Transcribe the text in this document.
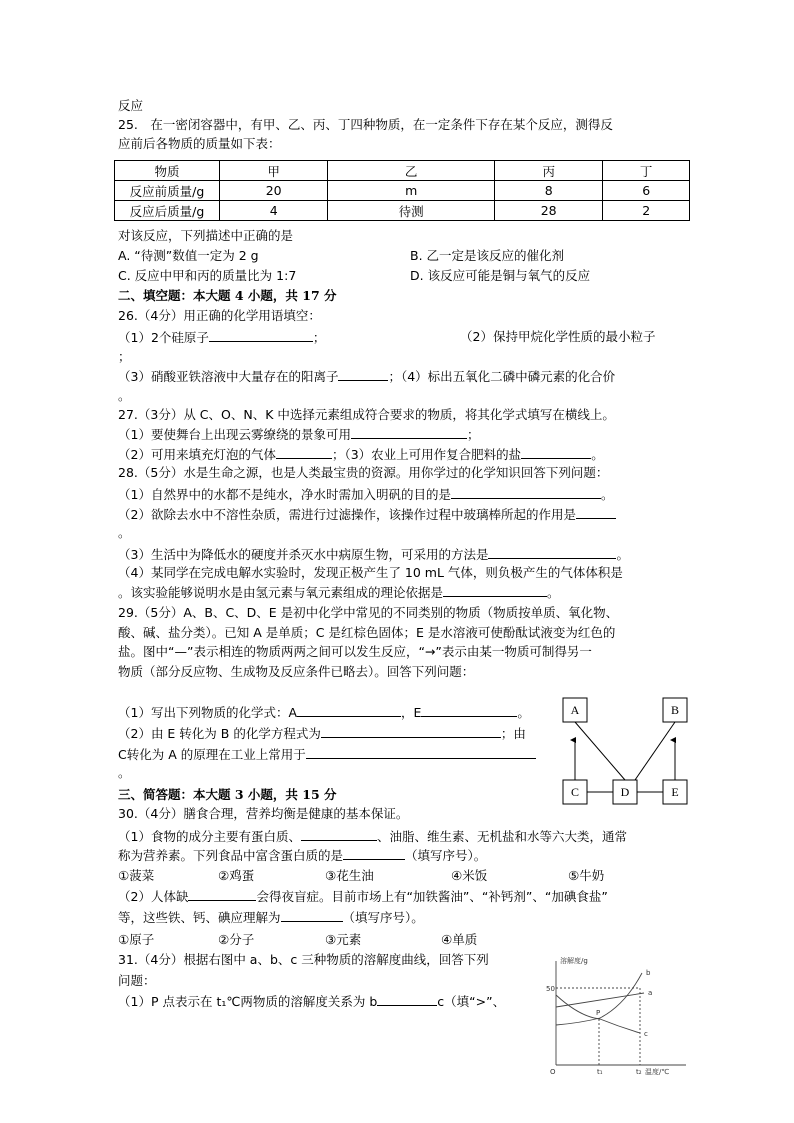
反应
25.　在一密闭容器中，有甲、乙、丙、丁四种物质，在一定条件下存在某个反应，测得反
应前后各物质的质量如下表：
物质	甲	乙	丙	丁
反应前质量/g	20	m	8	6
反应后质量/g	4	待测	28	2
对该反应，下列描述中正确的是
A. “待测”数值一定为 2 g	B. 乙一定是该反应的催化剂
C. 反应中甲和丙的质量比为 1:7	D. 该反应可能是铜与氧气的反应
二、填空题：本大题 4 小题，共 17 分
26.（4分）用正确的化学用语填空：
（1）2个硅原子	；	（2）保持甲烷化学性质的最小粒子
；
（3）硝酸亚铁溶液中大量存在的阳离子	；（4）标出五氧化二磷中磷元素的化合价
。
27.（3分）从 C、O、N、K 中选择元素组成符合要求的物质，将其化学式填写在横线上。
（1）要使舞台上出现云雾缭绕的景象可用	；
（2）可用来填充灯泡的气体	；（3）农业上可用作复合肥料的盐	。
28.（5分）水是生命之源，也是人类最宝贵的资源。用你学过的化学知识回答下列问题：
（1）自然界中的水都不是纯水，净水时需加入明矾的目的是	。
（2）欲除去水中不溶性杂质，需进行过滤操作，该操作过程中玻璃棒所起的作用是
。
（3）生活中为降低水的硬度并杀灭水中病原生物，可采用的方法是	。
（4）某同学在完成电解水实验时，发现正极产生了 10 mL 气体，则负极产生的气体体积是
。该实验能够说明水是由氢元素与氧元素组成的理论依据是	。
29.（5分）A、B、C、D、E 是初中化学中常见的不同类别的物质（物质按单质、氧化物、
酸、碱、盐分类）。已知 A 是单质；C 是红棕色固体；E 是水溶液可使酚酞试液变为红色的
盐。图中“—”表示相连的物质两两之间可以发生反应，“→”表示由某一物质可制得另一
物质（部分反应物、生成物及反应条件已略去）。回答下列问题：
（1）写出下列物质的化学式：A	，E	。
（2）由 E 转化为 B 的化学方程式为	；由
C转化为 A 的原理在工业上常用于
。
A	B
C	D	E
三、简答题：本大题 3 小题，共 15 分
30.（4分）膳食合理，营养均衡是健康的基本保证。
（1）食物的成分主要有蛋白质、	、油脂、维生素、无机盐和水等六大类，通常
称为营养素。下列食品中富含蛋白质的是	（填写序号）。
①菠菜	②鸡蛋	③花生油	④米饭	⑤牛奶
（2）人体缺	会得夜盲症。目前市场上有“加铁酱油”、“补钙剂”、“加碘食盐”
等，这些铁、钙、碘应理解为	（填写序号）。
①原子	②分子	③元素	④单质
31.（4分）根据右图中 a、b、c 三种物质的溶解度曲线，回答下列
问题：
（1）P 点表示在 t₁℃两物质的溶解度关系为 b	c（填“>”、
溶解度/g
50
O	t₁	t₂ 温度/℃
b
a
c
P
